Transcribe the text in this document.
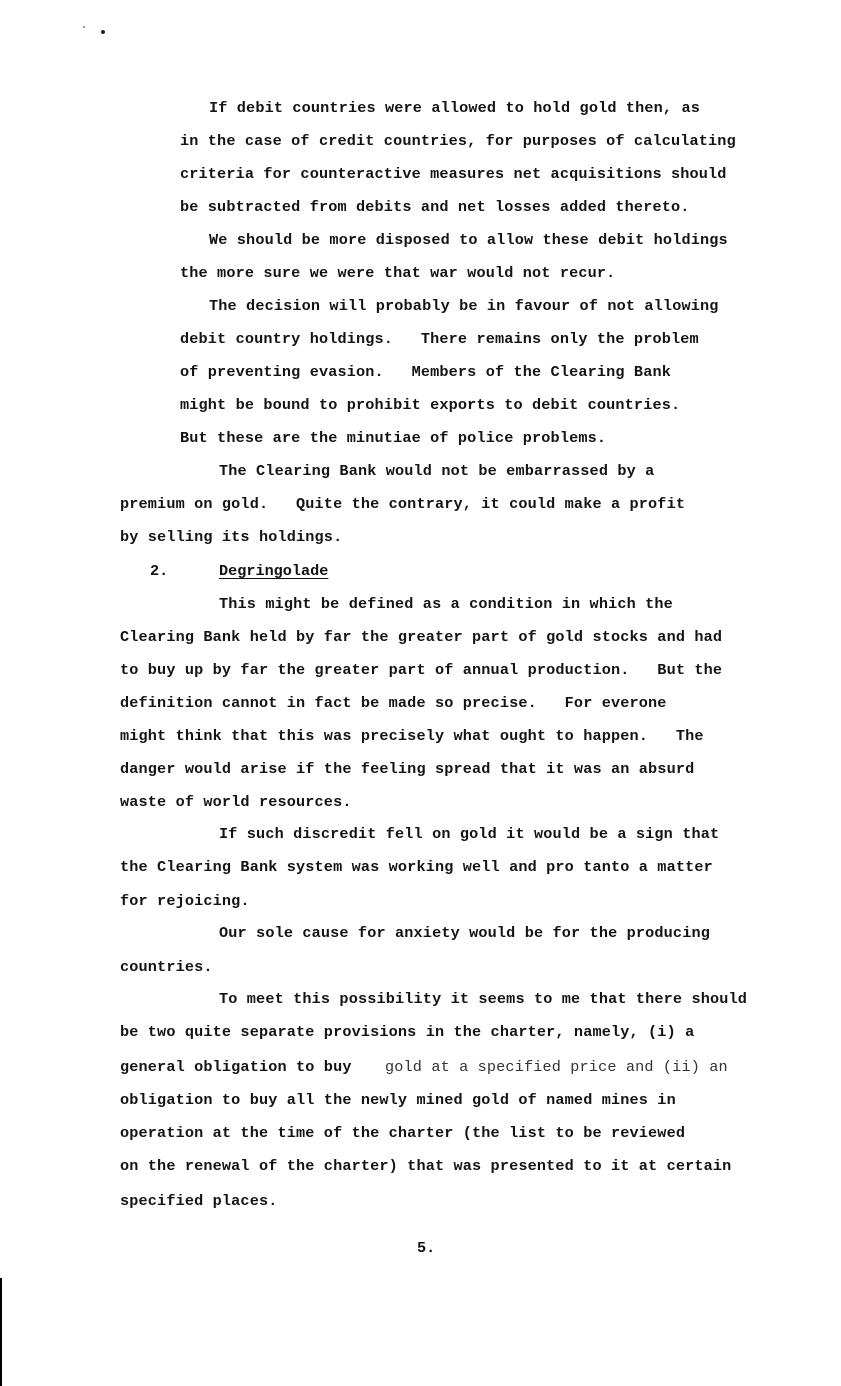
If debit countries were allowed to hold gold then, as
in the case of credit countries, for purposes of calculating
criteria for counteractive measures net acquisitions should
be subtracted from debits and net losses added thereto.
We should be more disposed to allow these debit holdings
the more sure we were that war would not recur.
The decision will probably be in favour of not allowing
debit country holdings.   There remains only the problem
of preventing evasion.   Members of the Clearing Bank
might be bound to prohibit exports to debit countries.
But these are the minutiae of police problems.
The Clearing Bank would not be embarrassed by a
premium on gold.   Quite the contrary, it could make a profit
by selling its holdings.
2.	Degringolade
This might be defined as a condition in which the
Clearing Bank held by far the greater part of gold stocks and had
to buy up by far the greater part of annual production.   But the
definition cannot in fact be made so precise.   For everone
might think that this was precisely what ought to happen.   The
danger would arise if the feeling spread that it was an absurd
waste of world resources.
If such discredit fell on gold it would be a sign that
the Clearing Bank system was working well and pro tanto a matter
for rejoicing.
Our sole cause for anxiety would be for the producing
countries.
To meet this possibility it seems to me that there should
be two quite separate provisions in the charter, namely, (i) a
general obligation to buy gold at a specified price and (ii) an
obligation to buy all the newly mined gold of named mines in
operation at the time of the charter (the list to be reviewed
on the renewal of the charter) that was presented to it at certain
specified places.
5.
